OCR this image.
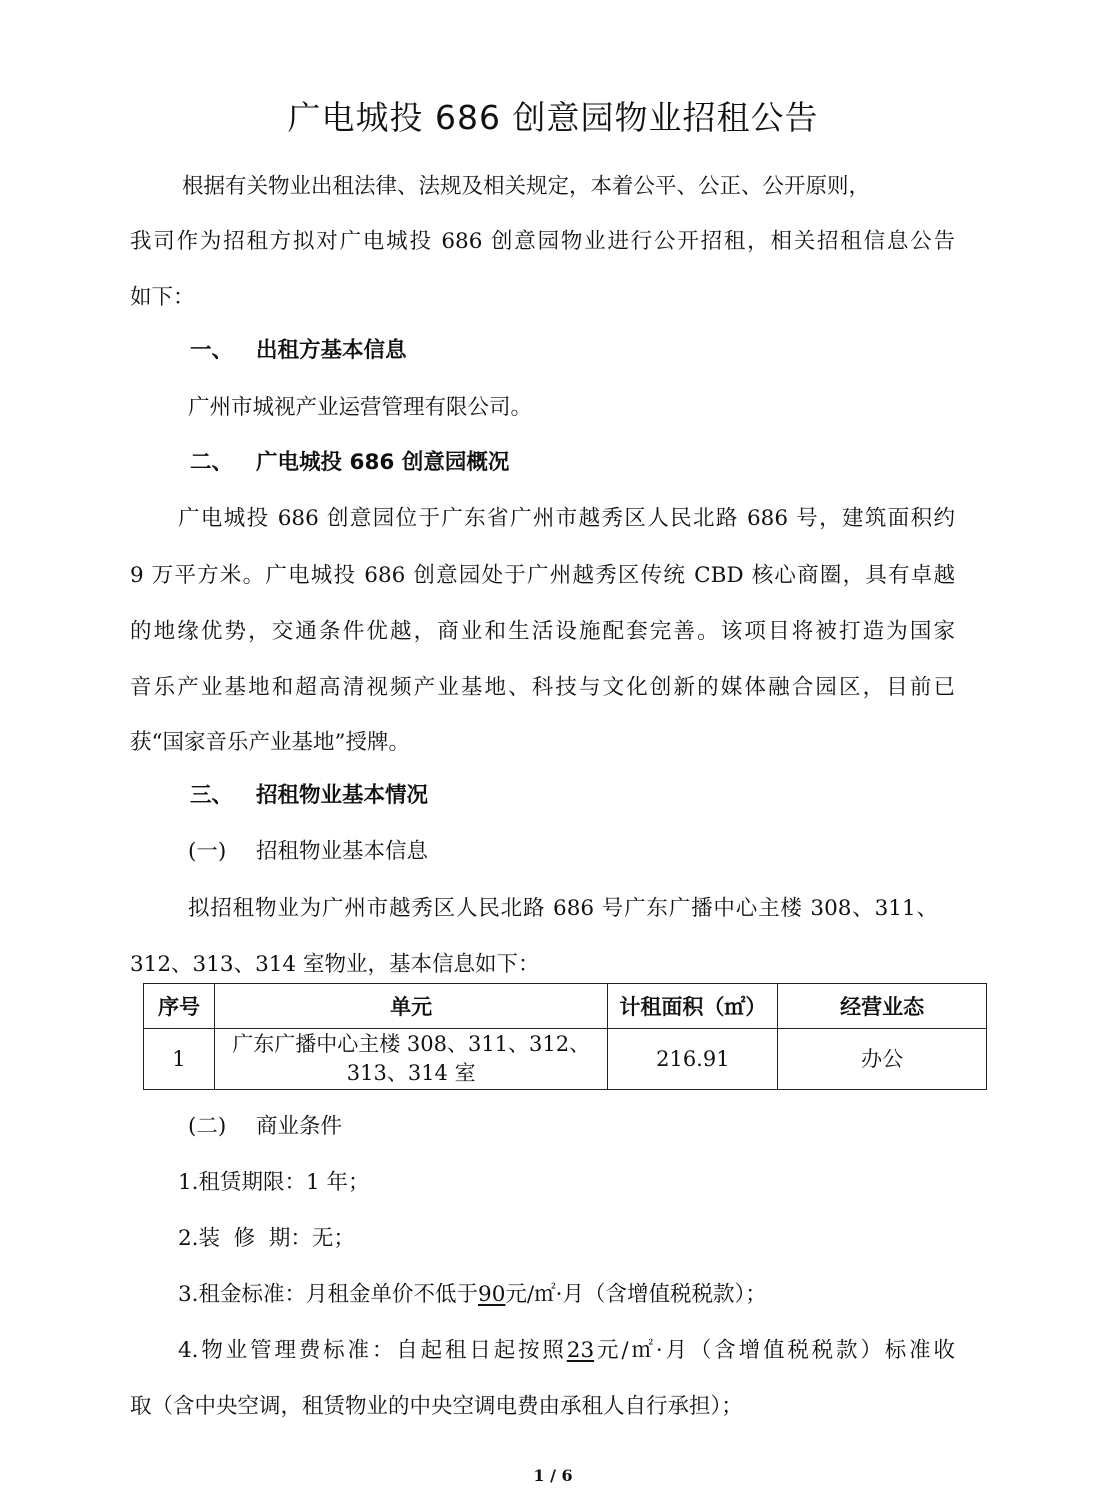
广电城投 686 创意园物业招租公告
根据有关物业出租法律、法规及相关规定，本着公平、公正、公开原则，
我司作为招租方拟对广电城投 686 创意园物业进行公开招租，相关招租信息公告
如下：
一、 出租方基本信息
广州市城视产业运营管理有限公司。
二、 广电城投 686 创意园概况
广电城投 686 创意园位于广东省广州市越秀区人民北路 686 号，建筑面积约
9 万平方米。广电城投 686 创意园处于广州越秀区传统 CBD 核心商圈，具有卓越
的地缘优势，交通条件优越，商业和生活设施配套完善。该项目将被打造为国家
音乐产业基地和超高清视频产业基地、科技与文化创新的媒体融合园区，目前已
获“国家音乐产业基地”授牌。
三、 招租物业基本情况
(一) 招租物业基本信息
拟招租物业为广州市越秀区人民北路 686 号广东广播中心主楼 308、311、
312、313、314 室物业，基本信息如下：
序号	单元	计租面积（㎡）	经营业态
1	广东广播中心主楼 308、311、312、
313、314 室	216.91	办公
(二) 商业条件
1.租赁期限：1 年；
2.装  修  期：无；
3.租金标准：月租金单价不低于90元/㎡·月（含增值税税款）；
4.物业管理费标准：自起租日起按照23元/㎡·月（含增值税税款）标准收
取（含中央空调，租赁物业的中央空调电费由承租人自行承担）；
1 / 6
